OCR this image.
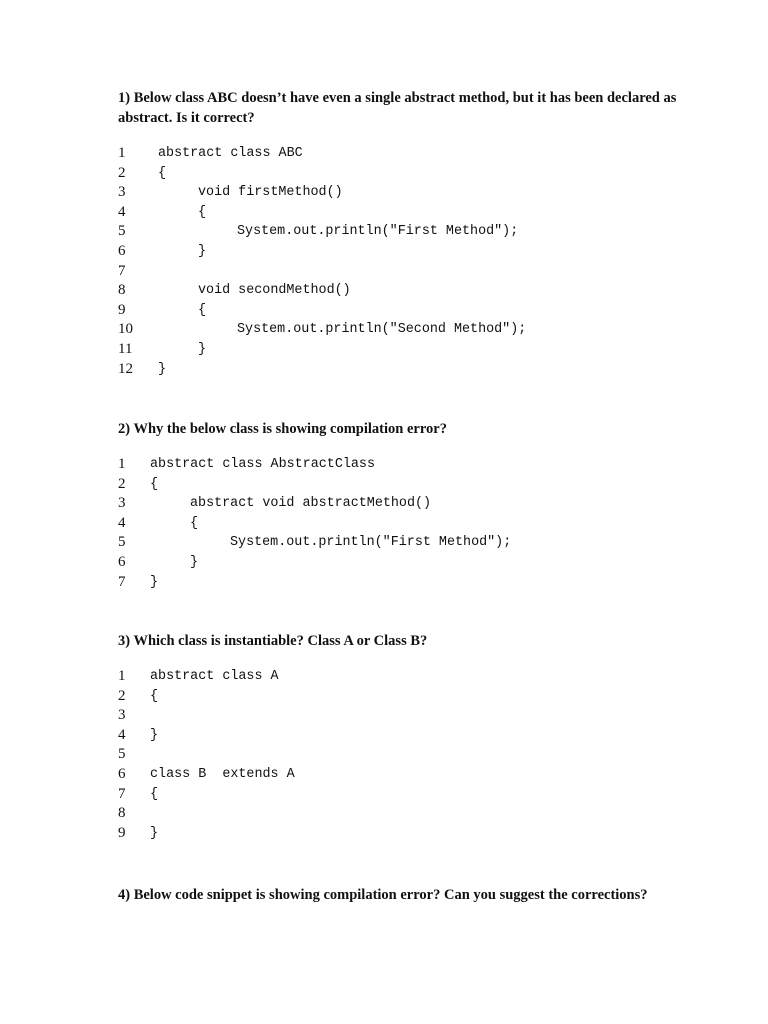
1) Below class ABC doesn’t have even a single abstract method, but it has been declared as abstract. Is it correct?

1 abstract class ABC
2 {
3	void firstMethod()
4	{
5	System.out.println("First Method");
6	}
7
8	void secondMethod()
9	{
10	System.out.println("Second Method");
11	}
12 }

2) Why the below class is showing compilation error?

1 abstract class AbstractClass
2 {
3	abstract void abstractMethod()
4	{
5	System.out.println("First Method");
6	}
7 }

3) Which class is instantiable? Class A or Class B?

1 abstract class A
2 {
3
4 }
5
6 class B  extends A
7 {
8
9 }

4) Below code snippet is showing compilation error? Can you suggest the corrections?
